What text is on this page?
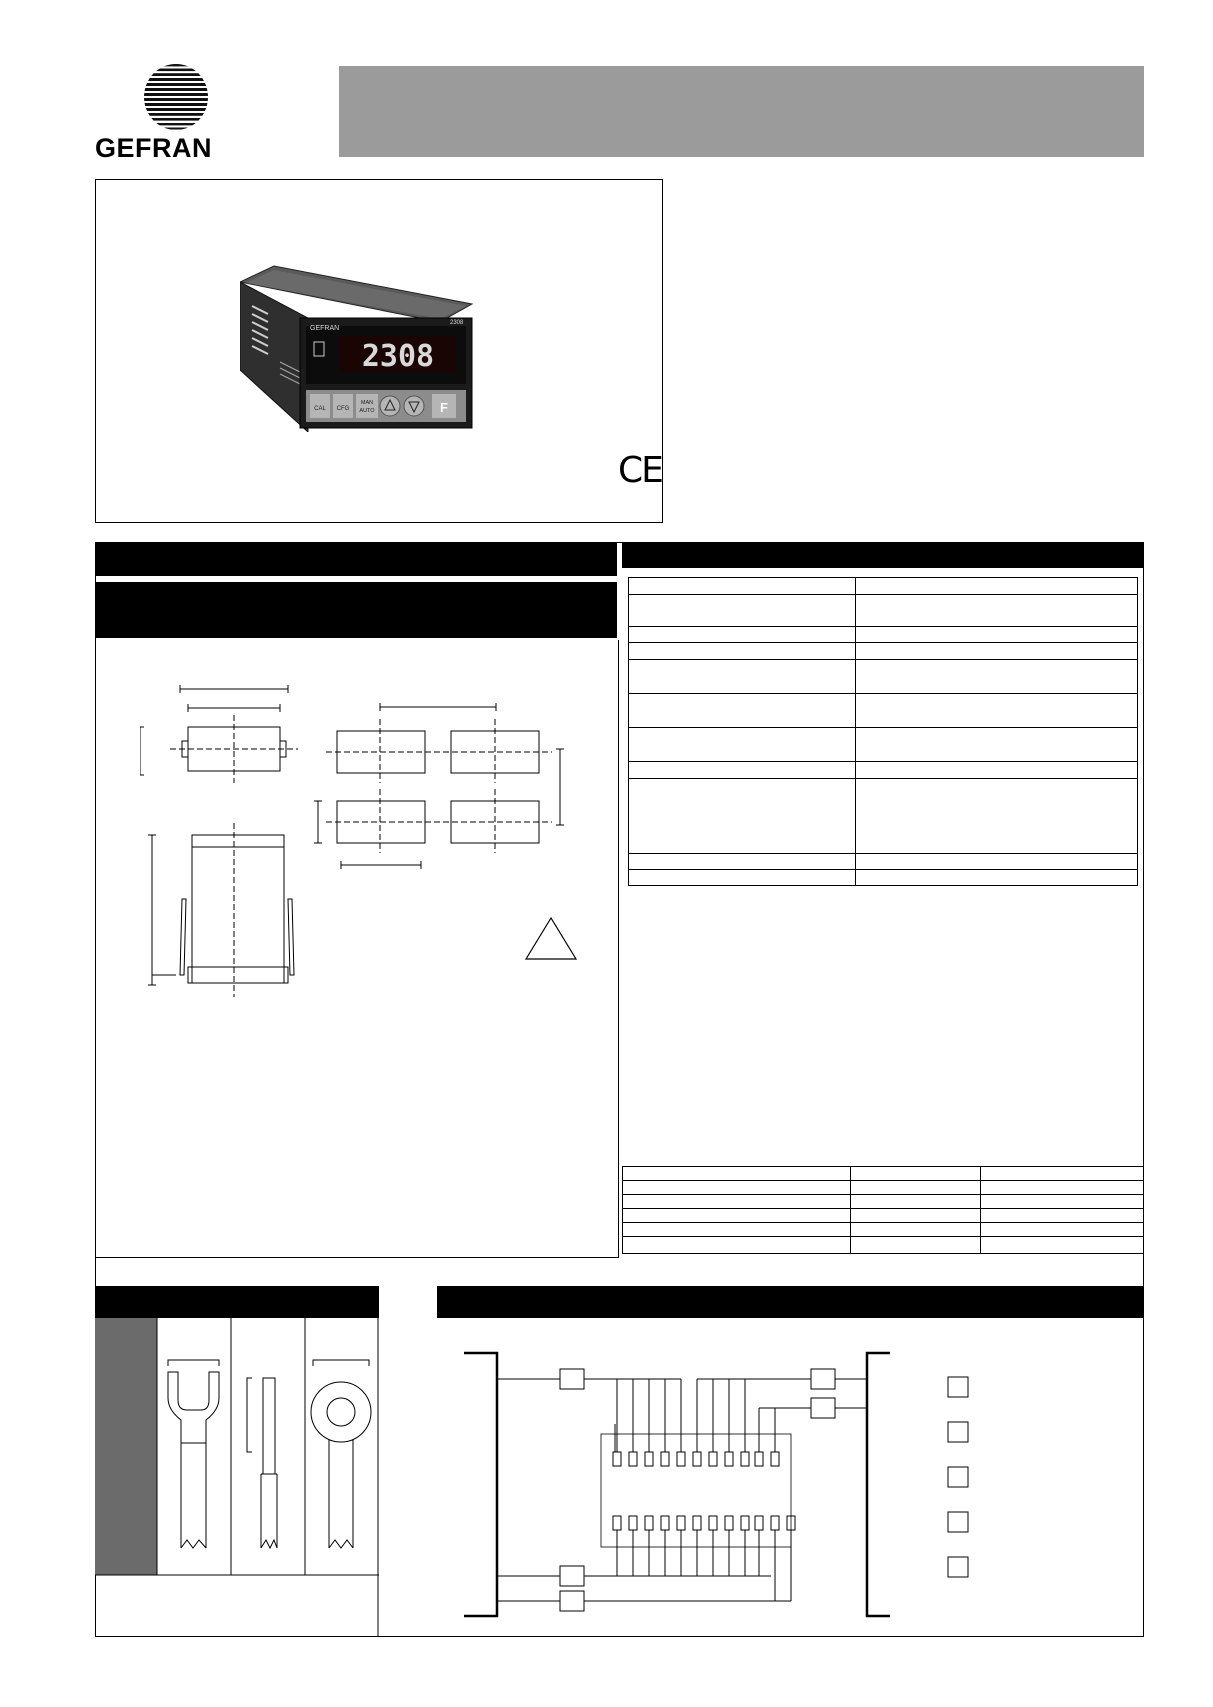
GEFRAN
2308
GEFRAN
2308
CAL CFG
MAN
AUTO	F
CE
